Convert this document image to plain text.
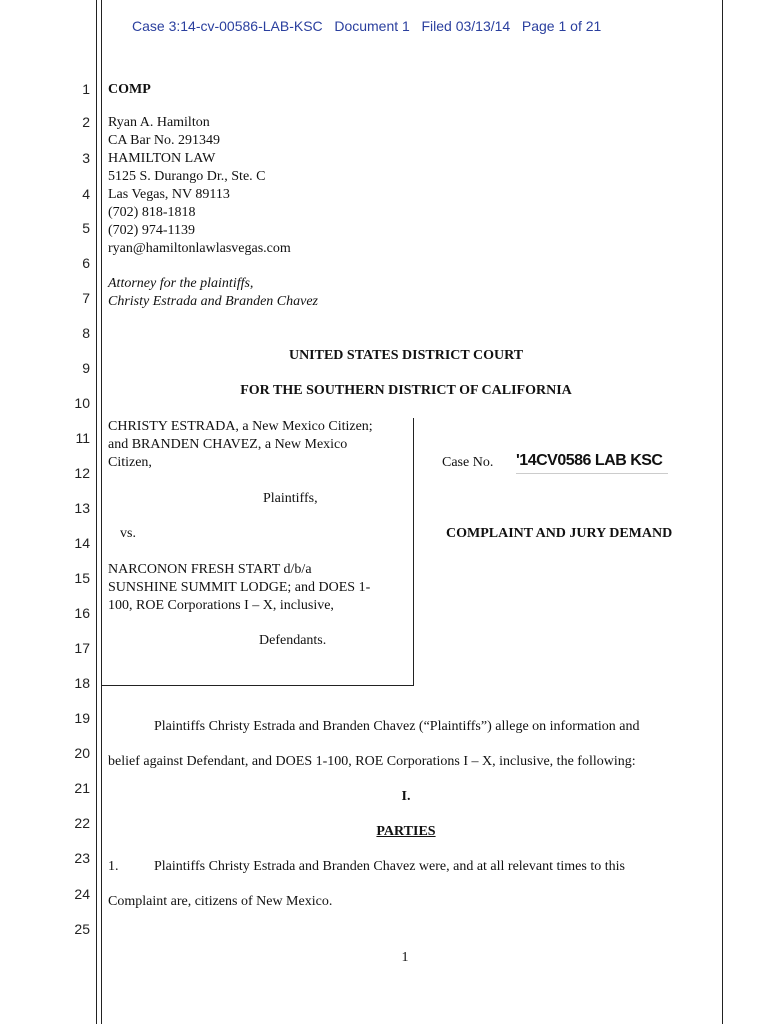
Case 3:14-cv-00586-LAB-KSC Document 1 Filed 03/13/14 Page 1 of 21
1
2
3
4
5
6
7
8
9
10
11
12
13
14
15
16
17
18
19
20
21
22
23
24
25
COMP
Ryan A. Hamilton
CA Bar No. 291349
HAMILTON LAW
5125 S. Durango Dr., Ste. C
Las Vegas, NV 89113
(702) 818-1818
(702) 974-1139
ryan@hamiltonlawlasvegas.com
Attorney for the plaintiffs,
Christy Estrada and Branden Chavez
UNITED STATES DISTRICT COURT
FOR THE SOUTHERN DISTRICT OF CALIFORNIA
CHRISTY ESTRADA, a New Mexico Citizen;
and BRANDEN CHAVEZ, a New Mexico
Citizen,
Plaintiffs,
vs.
NARCONON FRESH START d/b/a
SUNSHINE SUMMIT LODGE; and DOES 1-
100, ROE Corporations I – X, inclusive,
Defendants.
Case No. '14CV0586 LAB KSC
COMPLAINT AND JURY DEMAND
Plaintiffs Christy Estrada and Branden Chavez (“Plaintiffs”) allege on information and
belief against Defendant, and DOES 1-100, ROE Corporations I – X, inclusive, the following:
I.
PARTIES
1.	Plaintiffs Christy Estrada and Branden Chavez were, and at all relevant times to this
Complaint are, citizens of New Mexico.
1
